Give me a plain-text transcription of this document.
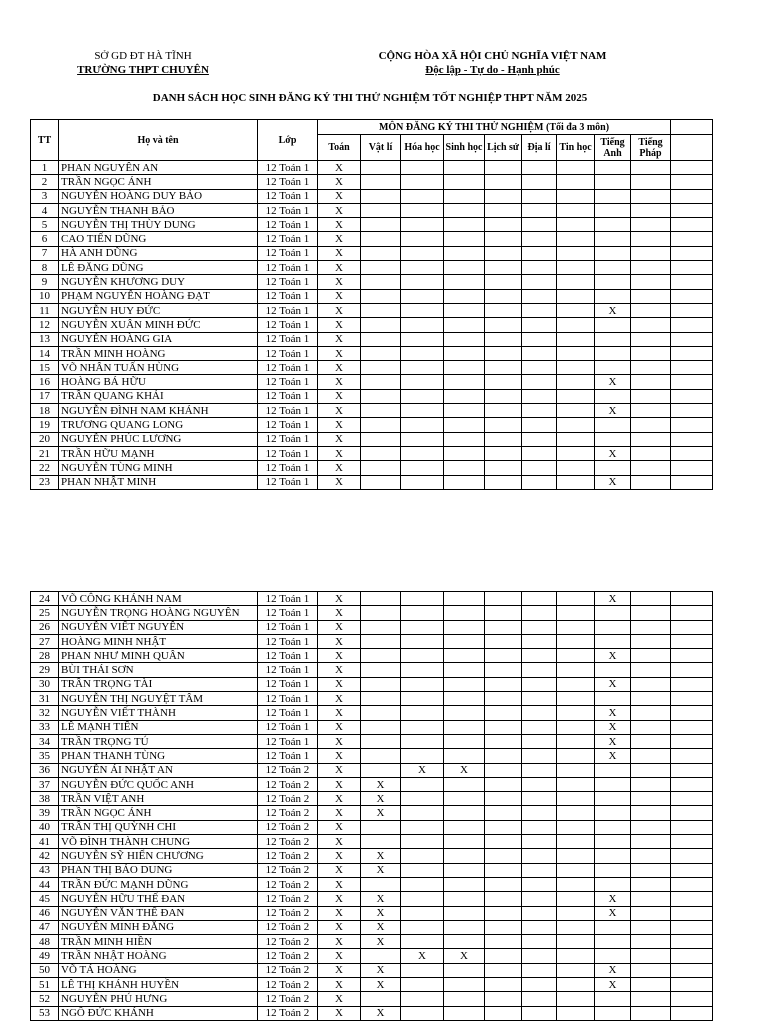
SỞ GD ĐT HÀ TĨNH
TRƯỜNG THPT CHUYÊN
CỘNG HÒA XÃ HỘI CHỦ NGHĨA VIỆT NAM
Độc lập - Tự do - Hạnh phúc
DANH SÁCH HỌC SINH ĐĂNG KÝ THI THỬ NGHIỆM TỐT NGHIỆP THPT NĂM 2025
TT	Họ và tên	Lớp	MÔN ĐĂNG KÝ THI THỬ NGHIỆM (Tối đa 3 môn)									
			Toán	Vật lí	Hóa học	Sinh học	Lịch sử	Địa lí	Tin học	Tiếng Anh	Tiếng Pháp	
1	PHAN NGUYÊN AN	12 Toán 1	X									
2	TRẦN NGỌC ÁNH	12 Toán 1	X									
3	NGUYỄN HOÀNG DUY BẢO	12 Toán 1	X									
4	NGUYỄN THANH BẢO	12 Toán 1	X									
5	NGUYỄN THỊ THÙY DUNG	12 Toán 1	X									
6	CAO TIẾN DŨNG	12 Toán 1	X									
7	HÀ ANH DŨNG	12 Toán 1	X									
8	LÊ ĐĂNG DŨNG	12 Toán 1	X									
9	NGUYỄN KHƯƠNG DUY	12 Toán 1	X									
10	PHẠM NGUYỄN HOÀNG ĐẠT	12 Toán 1	X									
11	NGUYỄN HUY ĐỨC	12 Toán 1	X							X		
12	NGUYỄN XUÂN MINH ĐỨC	12 Toán 1	X									
13	NGUYỄN HOÀNG GIA	12 Toán 1	X									
14	TRẦN MINH HOÀNG	12 Toán 1	X									
15	VÕ NHÂN TUẤN HÙNG	12 Toán 1	X									
16	HOÀNG BÁ HỮU	12 Toán 1	X							X		
17	TRẦN QUANG KHẢI	12 Toán 1	X									
18	NGUYỄN ĐÌNH NAM KHÁNH	12 Toán 1	X							X		
19	TRƯƠNG QUANG LONG	12 Toán 1	X									
20	NGUYỄN PHÚC LƯƠNG	12 Toán 1	X									
21	TRẦN HỮU MẠNH	12 Toán 1	X							X		
22	NGUYỄN TÙNG MINH	12 Toán 1	X									
23	PHAN NHẬT MINH	12 Toán 1	X							X		
24	VÕ CÔNG KHÁNH NAM	12 Toán 1	X							X		
25	NGUYỄN TRỌNG HOÀNG NGUYÊN	12 Toán 1	X									
26	NGUYỄN VIẾT NGUYÊN	12 Toán 1	X									
27	HOÀNG MINH NHẬT	12 Toán 1	X									
28	PHAN NHƯ MINH QUÂN	12 Toán 1	X							X		
29	BÙI THÁI SƠN	12 Toán 1	X									
30	TRẦN TRỌNG TÀI	12 Toán 1	X							X		
31	NGUYỄN THỊ NGUYỆT TÂM	12 Toán 1	X									
32	NGUYỄN VIẾT THÀNH	12 Toán 1	X							X		
33	LÊ MẠNH TIẾN	12 Toán 1	X							X		
34	TRẦN TRỌNG TÚ	12 Toán 1	X							X		
35	PHAN THANH TÙNG	12 Toán 1	X							X		
36	NGUYỄN ÁI NHẬT AN	12 Toán 2	X		X	X						
37	NGUYỄN ĐỨC QUỐC ANH	12 Toán 2	X	X								
38	TRẦN VIỆT ANH	12 Toán 2	X	X								
39	TRẦN NGỌC ÁNH	12 Toán 2	X	X								
40	TRẦN THỊ QUỲNH CHI	12 Toán 2	X									
41	VÕ ĐÌNH THÀNH CHUNG	12 Toán 2	X									
42	NGUYỄN SỸ HIỂN CHƯƠNG	12 Toán 2	X	X								
43	PHAN THỊ BẢO DUNG	12 Toán 2	X	X								
44	TRẦN ĐỨC MẠNH DŨNG	12 Toán 2	X									
45	NGUYỄN HỮU THẾ ĐAN	12 Toán 2	X	X						X		
46	NGUYỄN VĂN THẾ ĐAN	12 Toán 2	X	X						X		
47	NGUYỄN MINH ĐĂNG	12 Toán 2	X	X								
48	TRẦN MINH HIỀN	12 Toán 2	X	X								
49	TRẦN NHẬT HOÀNG	12 Toán 2	X		X	X						
50	VÕ TÁ HOÀNG	12 Toán 2	X	X						X		
51	LÊ THỊ KHÁNH HUYỀN	12 Toán 2	X	X						X		
52	NGUYỄN PHÚ HƯNG	12 Toán 2	X									
53	NGÔ ĐỨC KHÁNH	12 Toán 2	X	X								
